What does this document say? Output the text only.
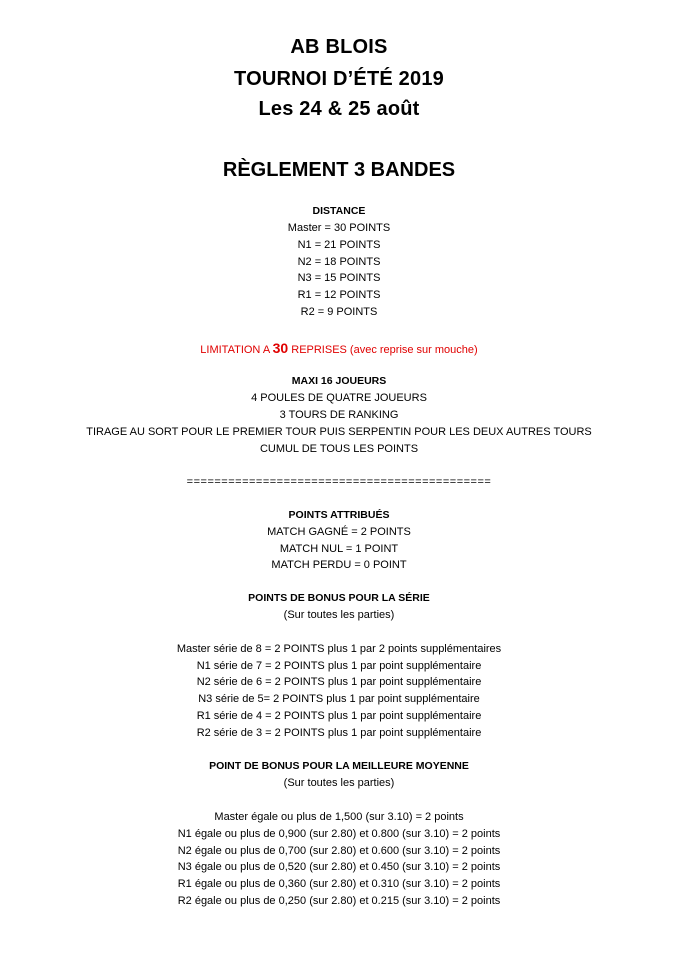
AB BLOIS
TOURNOI D’ÉTÉ 2019
Les 24 & 25 août
RÈGLEMENT 3 BANDES
DISTANCE
Master = 30 POINTS
N1 = 21 POINTS
N2 = 18 POINTS
N3 = 15 POINTS
R1 = 12 POINTS
R2 = 9 POINTS
LIMITATION A 30 REPRISES (avec reprise sur mouche)
MAXI 16 JOUEURS
4 POULES DE QUATRE JOUEURS
3 TOURS DE RANKING
TIRAGE AU SORT POUR LE PREMIER TOUR PUIS SERPENTIN POUR LES DEUX AUTRES TOURS
CUMUL DE TOUS LES POINTS
============================================
POINTS ATTRIBUÉS
MATCH GAGNÉ = 2 POINTS
MATCH NUL = 1 POINT
MATCH PERDU = 0 POINT
POINTS DE BONUS POUR LA SÉRIE
(Sur toutes les parties)
Master série de 8 = 2 POINTS plus 1 par 2 points supplémentaires
N1 série de 7 = 2 POINTS plus 1 par point supplémentaire
N2 série de 6 = 2 POINTS plus 1 par point supplémentaire
N3 série de 5= 2 POINTS plus 1 par point supplémentaire
R1 série de 4 = 2 POINTS plus 1 par point supplémentaire
R2 série de 3 = 2 POINTS plus 1 par point supplémentaire
POINT DE BONUS POUR LA MEILLEURE MOYENNE
(Sur toutes les parties)
Master égale ou plus de 1,500 (sur 3.10) = 2 points
N1 égale ou plus de 0,900 (sur 2.80) et 0.800 (sur 3.10) = 2 points
N2 égale ou plus de 0,700 (sur 2.80) et 0.600 (sur 3.10) = 2 points
N3 égale ou plus de 0,520 (sur 2.80) et 0.450 (sur 3.10) = 2 points
R1 égale ou plus de 0,360 (sur 2.80) et 0.310 (sur 3.10) = 2 points
R2 égale ou plus de 0,250 (sur 2.80) et 0.215 (sur 3.10) = 2 points
